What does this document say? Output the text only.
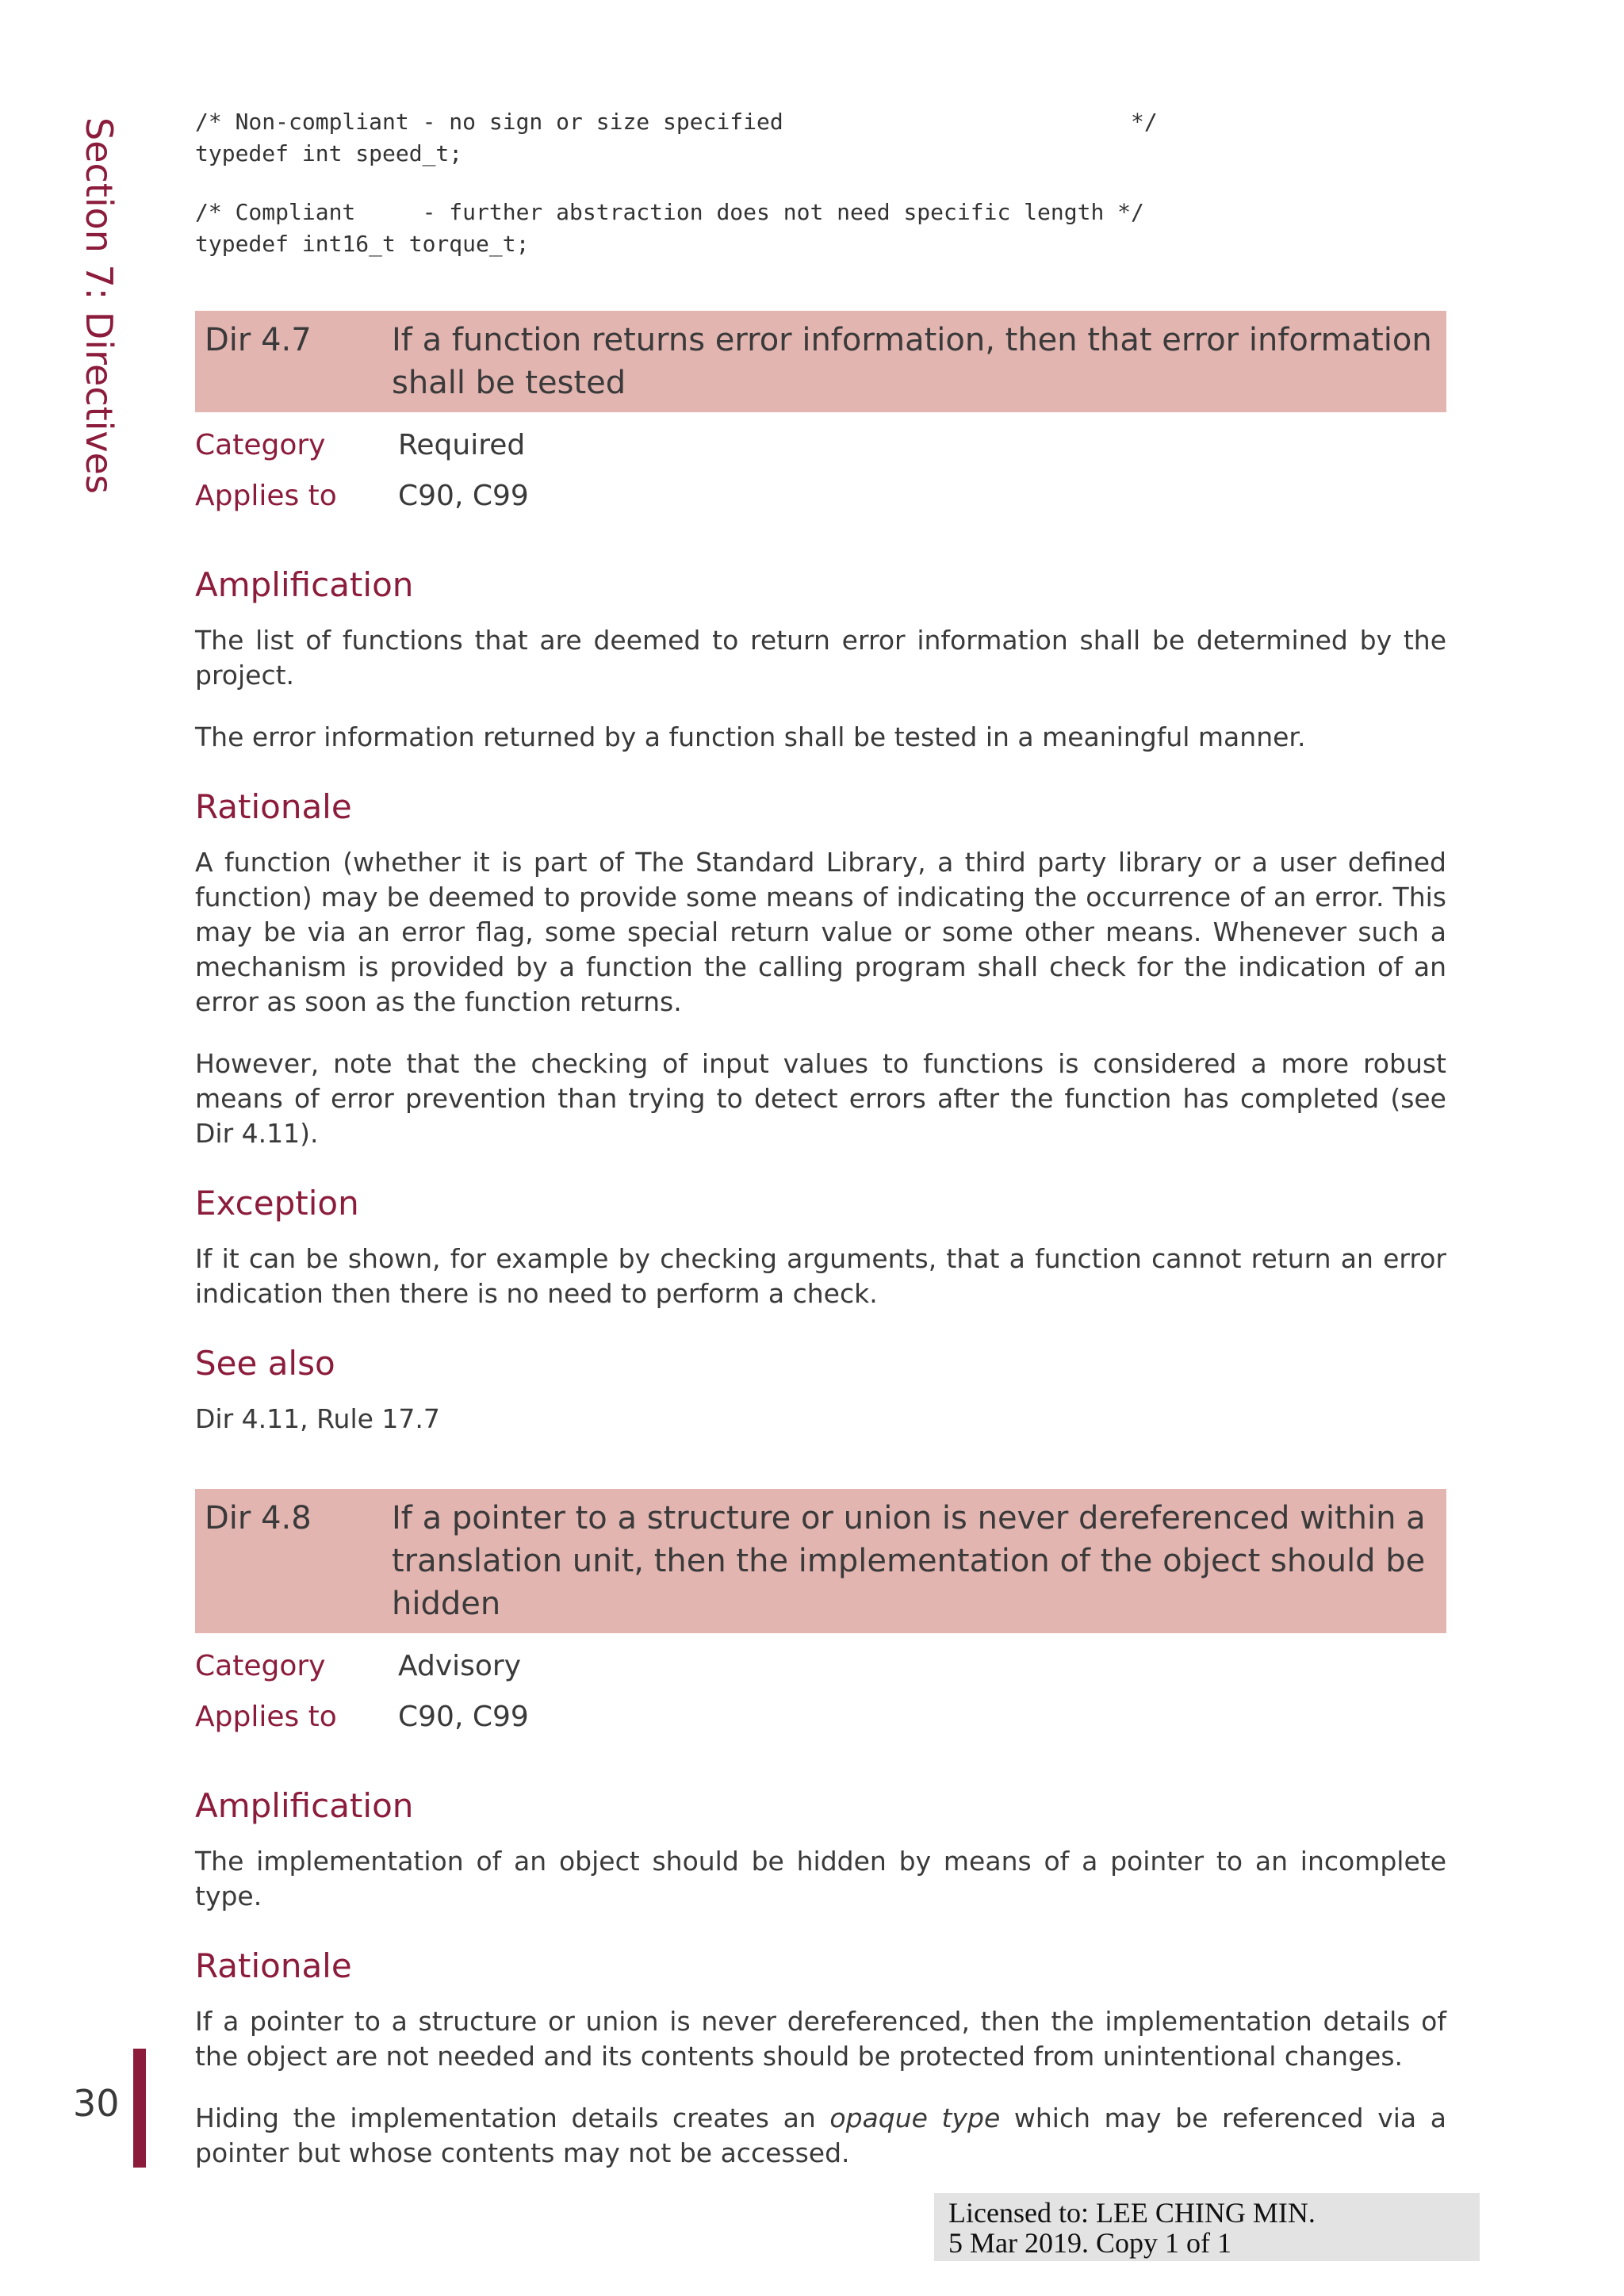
Section 7: Directives
30
/* Non-compliant - no sign or size specified                          */
typedef int speed_t;
/* Compliant     - further abstraction does not need specific length */
typedef int16_t torque_t;
Dir 4.7	If a function returns error information, then that error information shall be tested
Category	Required
Applies to	C90, C99
Amplification

The list of functions that are deemed to return error information shall be determined by the project.

The error information returned by a function shall be tested in a meaningful manner.

Rationale

A function (whether it is part of The Standard Library, a third party library or a user defined function) may be deemed to provide some means of indicating the occurrence of an error. This may be via an error flag, some special return value or some other means. Whenever such a mechanism is provided by a function the calling program shall check for the indication of an error as soon as the function returns.

However, note that the checking of input values to functions is considered a more robust means of error prevention than trying to detect errors after the function has completed (see Dir 4.11).

Exception

If it can be shown, for example by checking arguments, that a function cannot return an error indication then there is no need to perform a check.

See also

Dir 4.11, Rule 17.7

Dir 4.8	If a pointer to a structure or union is never dereferenced within a translation unit, then the implementation of the object should be hidden
Category	Advisory
Applies to	C90, C99
Amplification

The implementation of an object should be hidden by means of a pointer to an incomplete type.

Rationale

If a pointer to a structure or union is never dereferenced, then the implementation details of the object are not needed and its contents should be protected from unintentional changes.

Hiding the implementation details creates an opaque type which may be referenced via a pointer but whose contents may not be accessed.

Licensed to: LEE CHING MIN.
5 Mar 2019. Copy 1 of 1
